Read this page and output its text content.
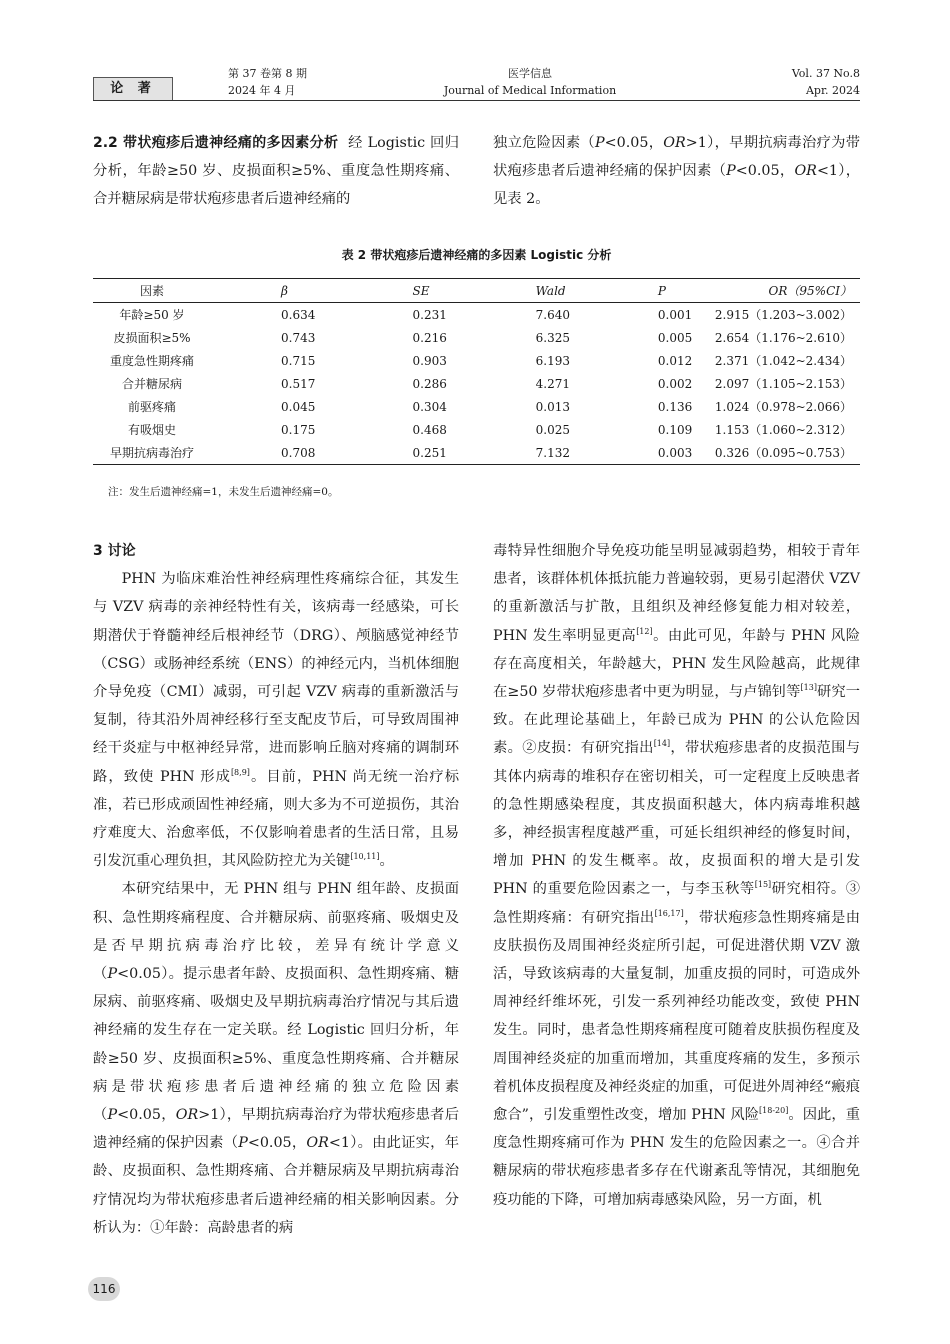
论 著
第 37 卷第 8 期
2024 年 4 月
医学信息
Journal of Medical Information
Vol. 37 No.8
Apr. 2024

2.2 带状疱疹后遗神经痛的多因素分析 经 Logistic 回归分析，年龄≥50 岁、皮损面积≥5%、重度急性期疼痛、合并糖尿病是带状疱疹患者后遗神经痛的

独立危险因素（P<0.05，OR>1），早期抗病毒治疗为带状疱疹患者后遗神经痛的保护因素（P<0.05，OR<1），见表 2。

表 2 带状疱疹后遗神经痛的多因素 Logistic 分析
因素	β	SE	Wald	P	OR（95%CI）
年龄≥50 岁	0.634	0.231	7.640	0.001	2.915（1.203~3.002）
皮损面积≥5%	0.743	0.216	6.325	0.005	2.654（1.176~2.610）
重度急性期疼痛	0.715	0.903	6.193	0.012	2.371（1.042~2.434）
合并糖尿病	0.517	0.286	4.271	0.002	2.097（1.105~2.153）
前驱疼痛	0.045	0.304	0.013	0.136	1.024（0.978~2.066）
有吸烟史	0.175	0.468	0.025	0.109	1.153（1.060~2.312）
早期抗病毒治疗	0.708	0.251	7.132	0.003	0.326（0.095~0.753）
注：发生后遗神经痛=1，未发生后遗神经痛=0。

3 讨论

PHN 为临床难治性神经病理性疼痛综合征，其发生与 VZV 病毒的亲神经特性有关，该病毒一经感染，可长期潜伏于脊髓神经后根神经节（DRG）、颅脑感觉神经节（CSG）或肠神经系统（ENS）的神经元内，当机体细胞介导免疫（CMI）减弱，可引起 VZV 病毒的重新激活与复制，待其沿外周神经移行至支配皮节后，可导致周围神经干炎症与中枢神经异常，进而影响丘脑对疼痛的调制环路，致使 PHN 形成[8,9]。目前，PHN 尚无统一治疗标准，若已形成顽固性神经痛，则大多为不可逆损伤，其治疗难度大、治愈率低，不仅影响着患者的生活日常，且易引发沉重心理负担，其风险防控尤为关键[10,11]。

本研究结果中，无 PHN 组与 PHN 组年龄、皮损面积、急性期疼痛程度、合并糖尿病、前驱疼痛、吸烟史及是否早期抗病毒治疗比较，差异有统计学意义（P<0.05）。提示患者年龄、皮损面积、急性期疼痛、糖尿病、前驱疼痛、吸烟史及早期抗病毒治疗情况与其后遗神经痛的发生存在一定关联。经 Logistic 回归分析，年龄≥50 岁、皮损面积≥5%、重度急性期疼痛、合并糖尿病是带状疱疹患者后遗神经痛的独立危险因素（P<0.05，OR>1），早期抗病毒治疗为带状疱疹患者后遗神经痛的保护因素（P<0.05，OR<1）。由此证实，年龄、皮损面积、急性期疼痛、合并糖尿病及早期抗病毒治疗情况均为带状疱疹患者后遗神经痛的相关影响因素。分析认为：①年龄：高龄患者的病

毒特异性细胞介导免疫功能呈明显减弱趋势，相较于青年患者，该群体机体抵抗能力普遍较弱，更易引起潜伏 VZV 的重新激活与扩散，且组织及神经修复能力相对较差，PHN 发生率明显更高[12]。由此可见，年龄与 PHN 风险存在高度相关，年龄越大，PHN 发生风险越高，此规律在≥50 岁带状疱疹患者中更为明显，与卢锦钊等[13]研究一致。在此理论基础上，年龄已成为 PHN 的公认危险因素。②皮损：有研究指出[14]，带状疱疹患者的皮损范围与其体内病毒的堆积存在密切相关，可一定程度上反映患者的急性期感染程度，其皮损面积越大，体内病毒堆积越多，神经损害程度越严重，可延长组织神经的修复时间，增加 PHN 的发生概率。故，皮损面积的增大是引发 PHN 的重要危险因素之一，与李玉秋等[15]研究相符。③急性期疼痛：有研究指出[16,17]，带状疱疹急性期疼痛是由皮肤损伤及周围神经炎症所引起，可促进潜伏期 VZV 激活，导致该病毒的大量复制，加重皮损的同时，可造成外周神经纤维坏死，引发一系列神经功能改变，致使 PHN 发生。同时，患者急性期疼痛程度可随着皮肤损伤程度及周围神经炎症的加重而增加，其重度疼痛的发生，多预示着机体皮损程度及神经炎症的加重，可促进外周神经“瘢痕愈合”，引发重塑性改变，增加 PHN 风险[18-20]。因此，重度急性期疼痛可作为 PHN 发生的危险因素之一。④合并糖尿病的带状疱疹患者多存在代谢紊乱等情况，其细胞免疫功能的下降，可增加病毒感染风险，另一方面，机

116
